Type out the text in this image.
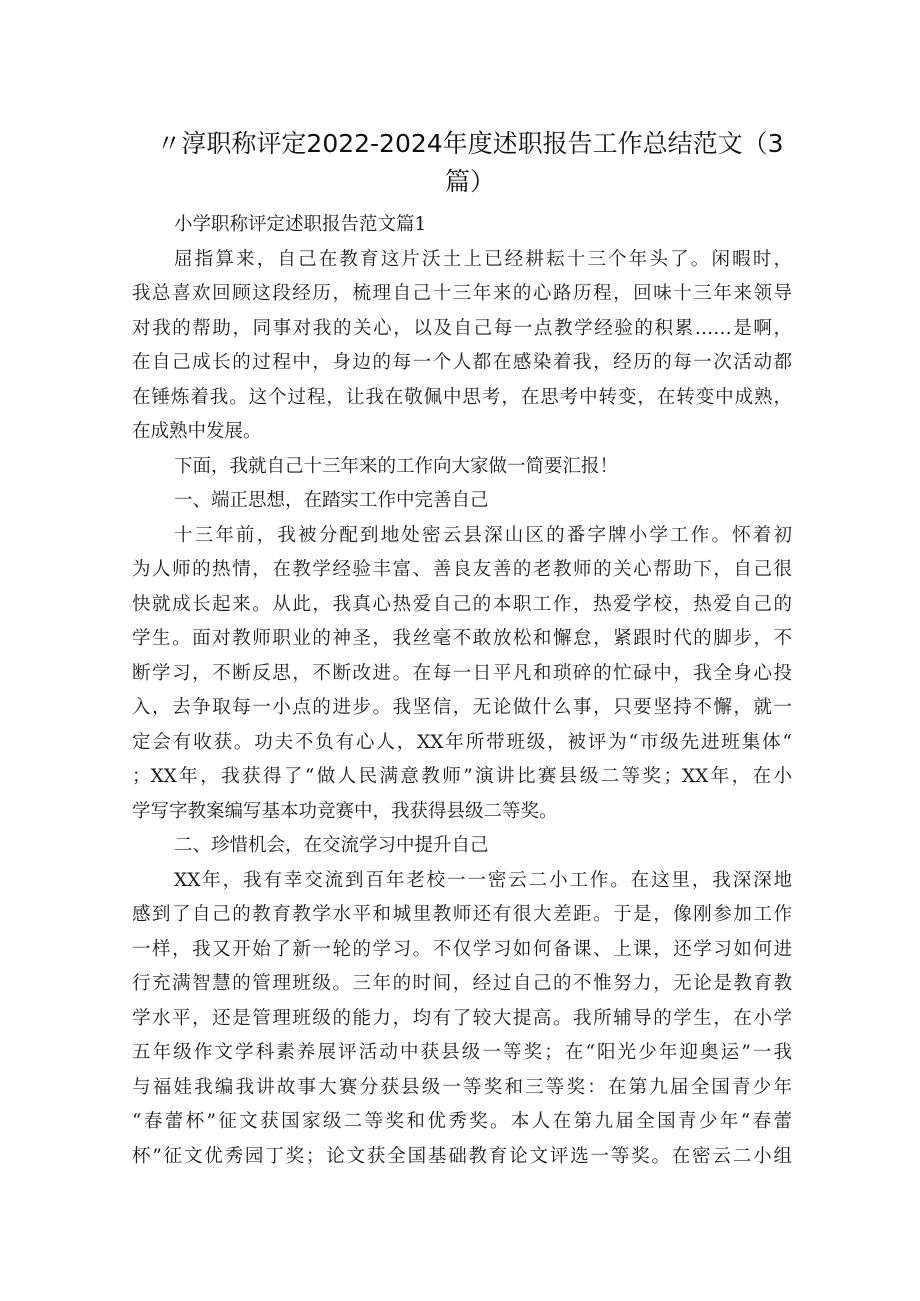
〃淳职称评定2022-2024年度述职报告工作总结范文（3
篇）
小学职称评定述职报告范文篇1
屈指算来，自己在教育这片沃土上已经耕耘十三个年头了。闲暇时，
我总喜欢回顾这段经历，梳理自己十三年来的心路历程，回味十三年来领导
对我的帮助，同事对我的关心，以及自己每一点教学经验的积累……是啊，
在自己成长的过程中，身边的每一个人都在感染着我，经历的每一次活动都
在锤炼着我。这个过程，让我在敬佩中思考，在思考中转变，在转变中成熟，
在成熟中发展。
下面，我就自己十三年来的工作向大家做一简要汇报！
一、端正思想，在踏实工作中完善自己
十三年前，我被分配到地处密云县深山区的番字牌小学工作。怀着初
为人师的热情，在教学经验丰富、善良友善的老教师的关心帮助下，自己很
快就成长起来。从此，我真心热爱自己的本职工作，热爱学校，热爱自己的
学生。面对教师职业的神圣，我丝毫不敢放松和懈怠，紧跟时代的脚步，不
断学习，不断反思，不断改进。在每一日平凡和琐碎的忙碌中，我全身心投
入，去争取每一小点的进步。我坚信，无论做什么事，只要坚持不懈，就一
定会有收获。功夫不负有心人，XX年所带班级，被评为“市级先进班集体“
；XX年，我获得了“做人民满意教师”演讲比赛县级二等奖；XX年，在小
学写字教案编写基本功竞赛中，我获得县级二等奖。
二、珍惜机会，在交流学习中提升自己
XX年，我有幸交流到百年老校一一密云二小工作。在这里，我深深地
感到了自己的教育教学水平和城里教师还有很大差距。于是，像刚参加工作
一样，我又开始了新一轮的学习。不仅学习如何备课、上课，还学习如何进
行充满智慧的管理班级。三年的时间，经过自己的不惟努力，无论是教育教
学水平，还是管理班级的能力，均有了较大提高。我所辅导的学生，在小学
五年级作文学科素养展评活动中获县级一等奖；在“阳光少年迎奥运”一我
与福娃我编我讲故事大赛分获县级一等奖和三等奖：在第九届全国青少年
“春蕾杯”征文获国家级二等奖和优秀奖。本人在第九届全国青少年“春蕾
杯”征文优秀园丁奖；论文获全国基础教育论文评选一等奖。在密云二小组
